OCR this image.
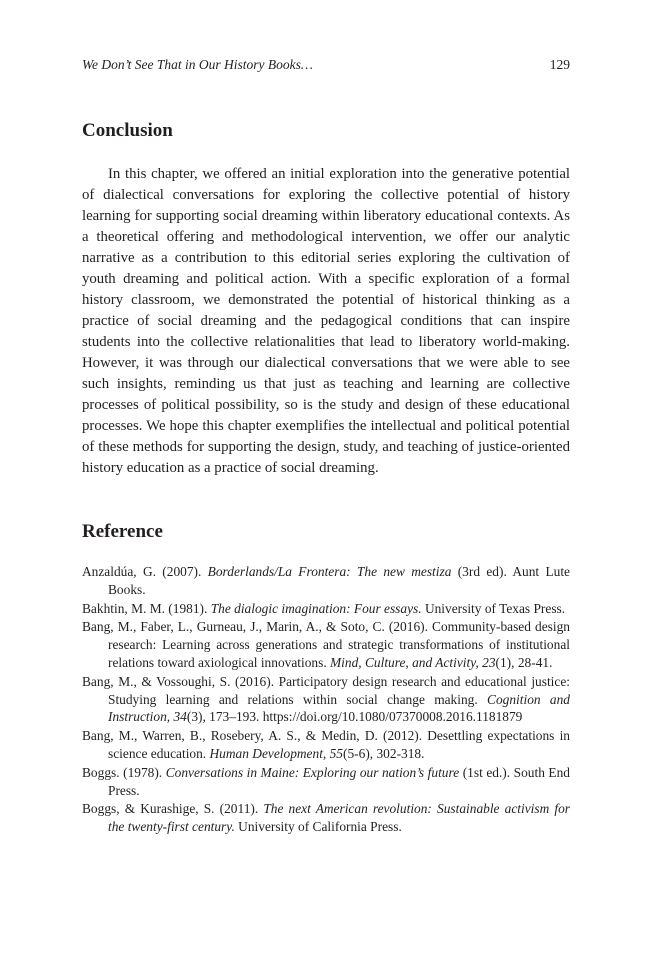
We Don’t See That in Our History Books…	129
Conclusion

In this chapter, we offered an initial exploration into the generative potential of dialectical conversations for exploring the collective potential of history learning for supporting social dreaming within liberatory educational contexts. As a theoretical offering and methodological intervention, we offer our analytic narrative as a contribution to this editorial series exploring the cultivation of youth dreaming and political action. With a specific exploration of a formal history classroom, we demonstrated the potential of historical thinking as a practice of social dreaming and the pedagogical conditions that can inspire students into the collective relationalities that lead to liberatory world-making. However, it was through our dialectical conversations that we were able to see such insights, reminding us that just as teaching and learning are collective processes of political possibility, so is the study and design of these educational processes. We hope this chapter exemplifies the intellectual and political potential of these methods for supporting the design, study, and teaching of justice-oriented history education as a practice of social dreaming.

Reference
Anzaldúa, G. (2007). Borderlands/La Frontera: The new mestiza (3rd ed). Aunt Lute Books.
Bakhtin, M. M. (1981). The dialogic imagination: Four essays. University of Texas Press.
Bang, M., Faber, L., Gurneau, J., Marin, A., & Soto, C. (2016). Community-based design research: Learning across generations and strategic transformations of institutional relations toward axiological innovations. Mind, Culture, and Activity, 23(1), 28-41.
Bang, M., & Vossoughi, S. (2016). Participatory design research and educational justice: Studying learning and relations within social change making. Cognition and Instruction, 34(3), 173–193. https://doi.org/10.1080/07370008.2016.1181879
Bang, M., Warren, B., Rosebery, A. S., & Medin, D. (2012). Desettling expectations in science education. Human Development, 55(5-6), 302-318.
Boggs. (1978). Conversations in Maine: Exploring our nation’s future (1st ed.). South End Press.
Boggs, & Kurashige, S. (2011). The next American revolution: Sustainable activism for the twenty-first century. University of California Press.
